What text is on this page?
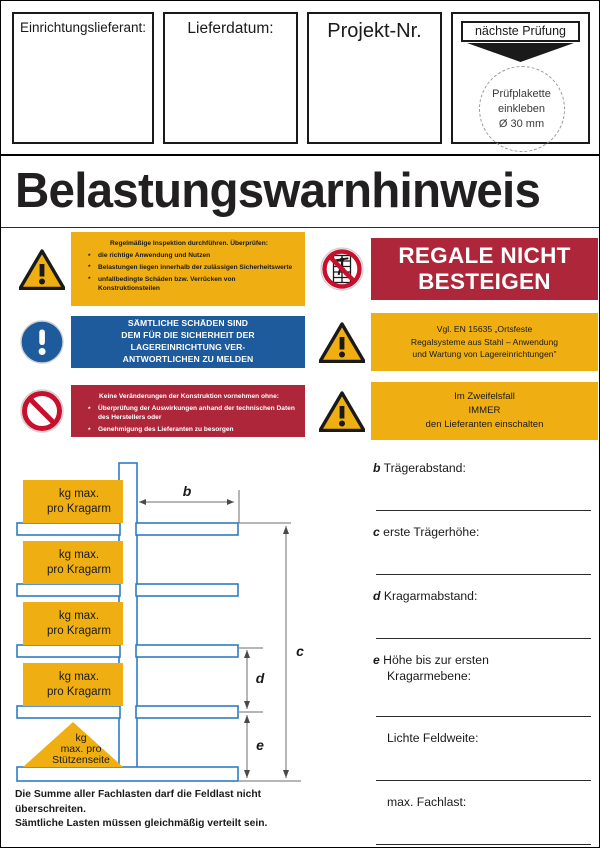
Einrichtungslieferant:	Lieferdatum:	Projekt-Nr.	nächste Prüfung
Prüfplakette
einkleben
Ø 30 mm
Belastungswarnhinweis
Regelmäßige Inspektion durchführen. Überprüfen:
* die richtige Anwendung und Nutzen
* Belastungen liegen innerhalb der zulässigen Sicherheitswerte
* unfallbedingte Schäden bzw. Verrücken von Konstruktionsteilen
SÄMTLICHE SCHÄDEN SIND
DEM FÜR DIE SICHERHEIT DER
LAGEREINRICHTUNG VER-
ANTWORTLICHEN ZU MELDEN
Keine Veränderungen der Konstruktion vornehmen ohne:
* Überprüfung der Auswirkungen anhand der technischen Daten des Herstellers oder
* Genehmigung des Lieferanten zu besorgen
REGALE NICHT
BESTEIGEN
Vgl. EN 15635 „Ortsfeste
Regalsysteme aus Stahl – Anwendung
und Wartung von Lagereinrichtungen"
Im Zweifelsfall
IMMER
den Lieferanten einschalten
b
c
d
e
kg max.
pro Kragarm
kg max.
pro Kragarm
kg max.
pro Kragarm
kg max.
pro Kragarm
kg
max. pro
Stützenseite
Die Summe aller Fachlasten darf die Feldlast nicht
überschreiten.
Sämtliche Lasten müssen gleichmäßig verteilt sein.
b Trägerabstand:
c erste Trägerhöhe:
d Kragarmabstand:
e Höhe bis zur ersten
Kragarmebene:
Lichte Feldweite:
max. Fachlast:
